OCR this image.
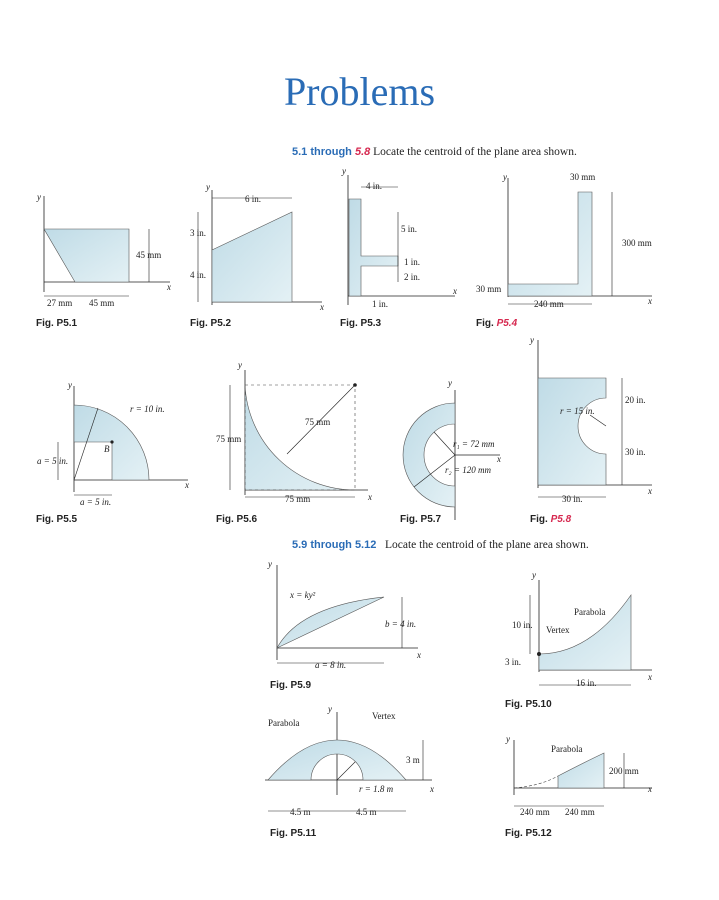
Problems
5.1 through 5.8 Locate the centroid of the plane area shown.
5.9 through 5.12 Locate the centroid of the plane area shown.
45 mm
27 mm 45 mm
y
x
6 in.
3 in.
4 in.
y
x
4 in.
5 in.
1 in.
2 in.
1 in.
y
x
30 mm
300 mm
30 mm
240 mm
y
x
r = 10 in.
B
a = 5 in.
a = 5 in.
y
x
75 mm
75 mm
75 mm
y
x
r₁ = 72 mm
r₂ = 120 mm
y
x
20 in.
r = 15 in.
30 in.
30 in.
y
x
x = ky²
b = 4 in.
a = 8 in.
y
x
Parabola
10 in. Vertex
3 in.
16 in.
y
x
Parabola
Vertex
3 m
r = 1.8 m
4.5 m	4.5 m
y
x
Parabola
200 mm
240 mm 240 mm
y
x
Fig. P5.1	Fig. P5.2	Fig. P5.3	Fig. P5.4
Fig. P5.5	Fig. P5.6	Fig. P5.7	Fig. P5.8
Fig. P5.9
Fig. P5.10
Fig. P5.11	Fig. P5.12
